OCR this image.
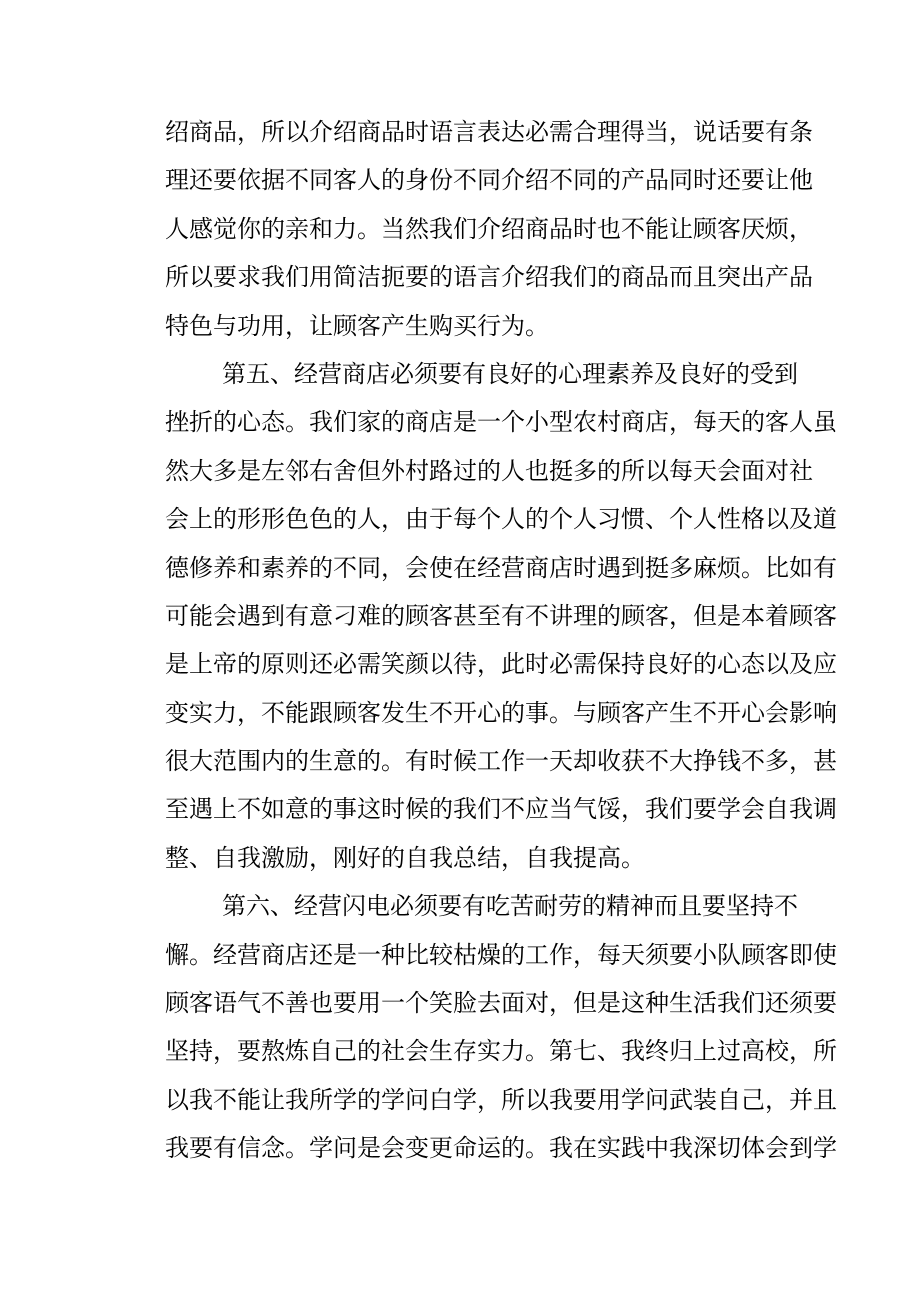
绍商品，所以介绍商品时语言表达必需合理得当，说话要有条
理还要依据不同客人的身份不同介绍不同的产品同时还要让他
人感觉你的亲和力。当然我们介绍商品时也不能让顾客厌烦，
所以要求我们用简洁扼要的语言介绍我们的商品而且突出产品
特色与功用，让顾客产生购买行为。
第五、经营商店必须要有良好的心理素养及良好的受到
挫折的心态。我们家的商店是一个小型农村商店，每天的客人虽
然大多是左邻右舍但外村路过的人也挺多的所以每天会面对社
会上的形形色色的人，由于每个人的个人习惯、个人性格以及道
德修养和素养的不同，会使在经营商店时遇到挺多麻烦。比如有
可能会遇到有意刁难的顾客甚至有不讲理的顾客，但是本着顾客
是上帝的原则还必需笑颜以待，此时必需保持良好的心态以及应
变实力，不能跟顾客发生不开心的事。与顾客产生不开心会影响
很大范围内的生意的。有时候工作一天却收获不大挣钱不多，甚
至遇上不如意的事这时候的我们不应当气馁，我们要学会自我调
整、自我激励，刚好的自我总结，自我提高。
第六、经营闪电必须要有吃苦耐劳的精神而且要坚持不
懈。经营商店还是一种比较枯燥的工作，每天须要小队顾客即使
顾客语气不善也要用一个笑脸去面对，但是这种生活我们还须要
坚持，要熬炼自己的社会生存实力。第七、我终归上过高校，所
以我不能让我所学的学问白学，所以我要用学问武装自己，并且
我要有信念。学问是会变更命运的。我在实践中我深切体会到学
